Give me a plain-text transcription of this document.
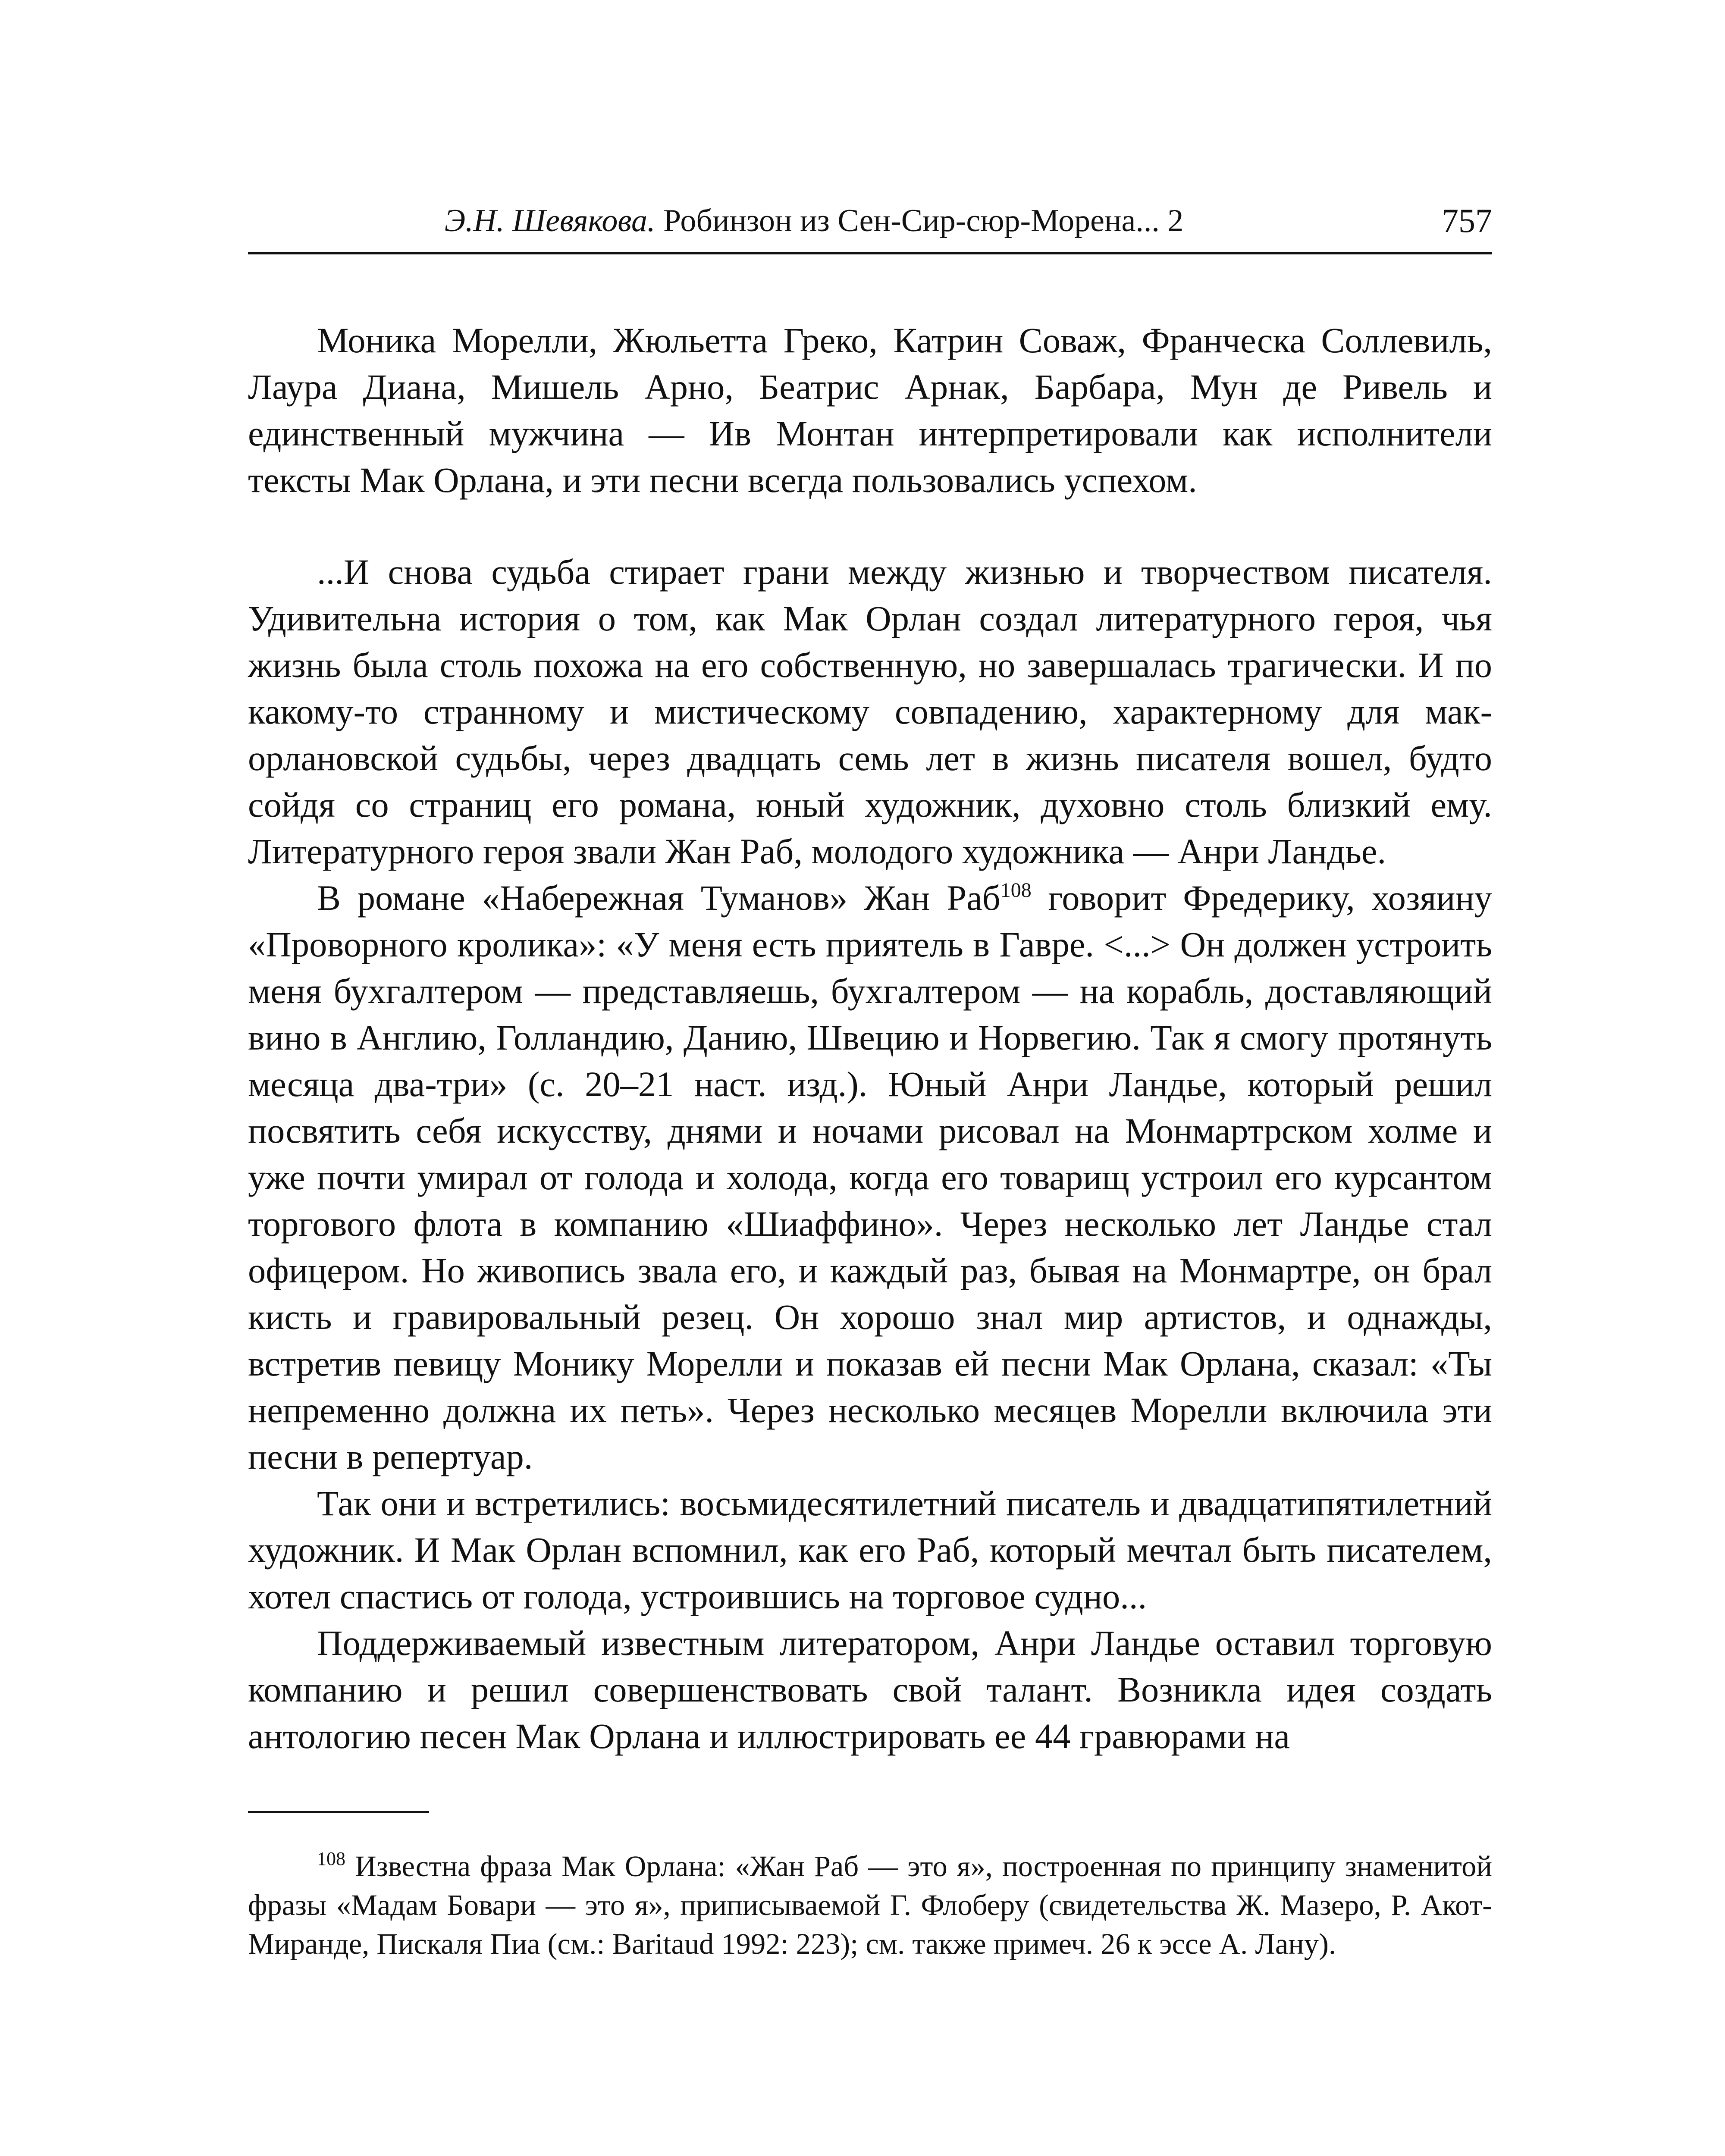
Э.Н. Шевякова. Робинзон из Сен-Сир-сюр-Морена... 2	757

Моника Морелли, Жюльетта Греко, Катрин Соваж, Франческа Соллевиль, Лаура Диана, Мишель Арно, Беатрис Арнак, Барбара, Мун де Ривель и единственный мужчина — Ив Монтан интерпретировали как исполнители тексты Мак Орлана, и эти песни всегда пользовались успехом.

...И снова судьба стирает грани между жизнью и творчеством писателя. Удивительна история о том, как Мак Орлан создал литературного героя, чья жизнь была столь похожа на его собственную, но завершалась трагически. И по какому-то странному и мистическому совпадению, характерному для мак-орлановской судьбы, через двадцать семь лет в жизнь писателя вошел, будто сойдя со страниц его романа, юный художник, духовно столь близкий ему. Литературного героя звали Жан Раб, молодого художника — Анри Ландье.

В романе «Набережная Туманов» Жан Раб$^{108}$ говорит Фредерику, хозяину «Проворного кролика»: «У меня есть приятель в Гавре. <...> Он должен устроить меня бухгалтером — представляешь, бухгалтером — на корабль, доставляющий вино в Англию, Голландию, Данию, Швецию и Норвегию. Так я смогу протянуть месяца два-три» (с. 20–21 наст. изд.). Юный Анри Ландье, который решил посвятить себя искусству, днями и ночами рисовал на Монмартрском холме и уже почти умирал от голода и холода, когда его товарищ устроил его курсантом торгового флота в компанию «Шиаффино». Через несколько лет Ландье стал офицером. Но живопись звала его, и каждый раз, бывая на Монмартре, он брал кисть и гравировальный резец. Он хорошо знал мир артистов, и однажды, встретив певицу Монику Морелли и показав ей песни Мак Орлана, сказал: «Ты непременно должна их петь». Через несколько месяцев Морелли включила эти песни в репертуар.

Так они и встретились: восьмидесятилетний писатель и двадцатипятилетний художник. И Мак Орлан вспомнил, как его Раб, который мечтал быть писателем, хотел спастись от голода, устроившись на торговое судно...

Поддерживаемый известным литератором, Анри Ландье оставил торговую компанию и решил совершенствовать свой талант. Возникла идея создать антологию песен Мак Орлана и иллюстрировать ее 44 гравюрами на

$^{108}$ Известна фраза Мак Орлана: «Жан Раб — это я», построенная по принципу знаменитой фразы «Мадам Бовари — это я», приписываемой Г. Флоберу (свидетельства Ж. Мазеро, Р. Акот-Миранде, Пискаля Пиа (см.: Baritaud 1992: 223); см. также примеч. 26 к эссе А. Лану).
